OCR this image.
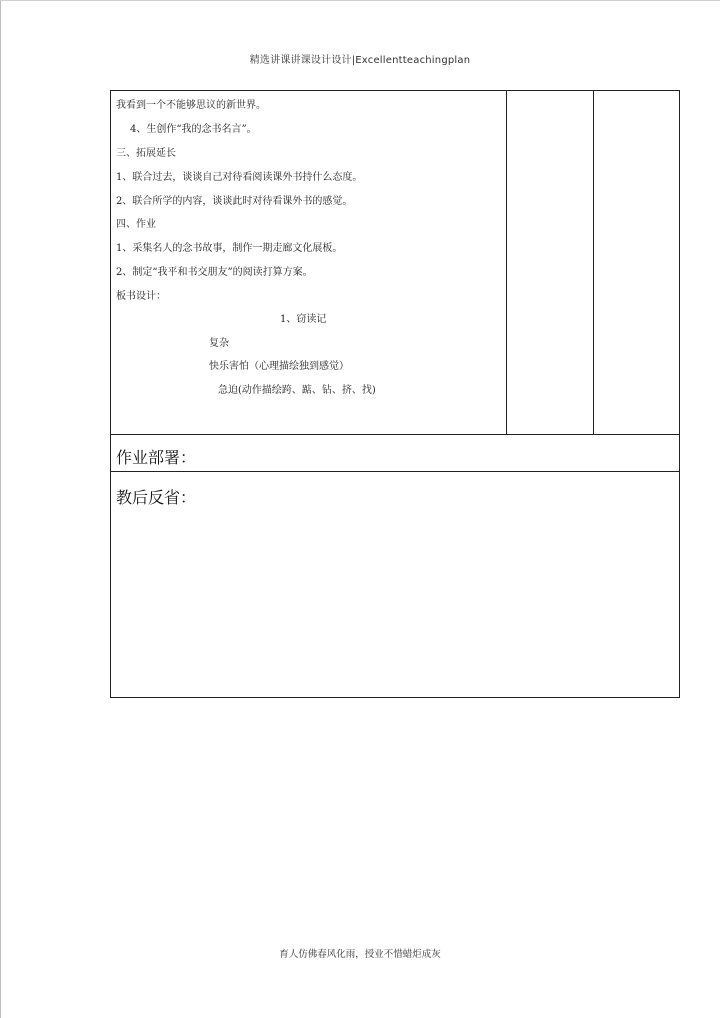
精选讲课讲课设计设计|Excellentteachingplan
我看到一个不能够思议的新世界。
4、生创作“我的念书名言”。
三、拓展延长
1、联合过去，谈谈自己对待看阅读课外书持什么态度。
2、联合所学的内容，谈谈此时对待看课外书的感觉。
四、作业
1、采集名人的念书故事，制作一期走廊文化展板。
2、制定“我平和书交朋友”的阅读打算方案。
板书设计：
1、窃读记
复杂
快乐害怕（心理描绘独到感觉）
急迫(动作描绘跨、踮、钻、挤、找)
作业部署：
教后反省：
育人仿佛春风化雨，授业不惜蜡炬成灰
